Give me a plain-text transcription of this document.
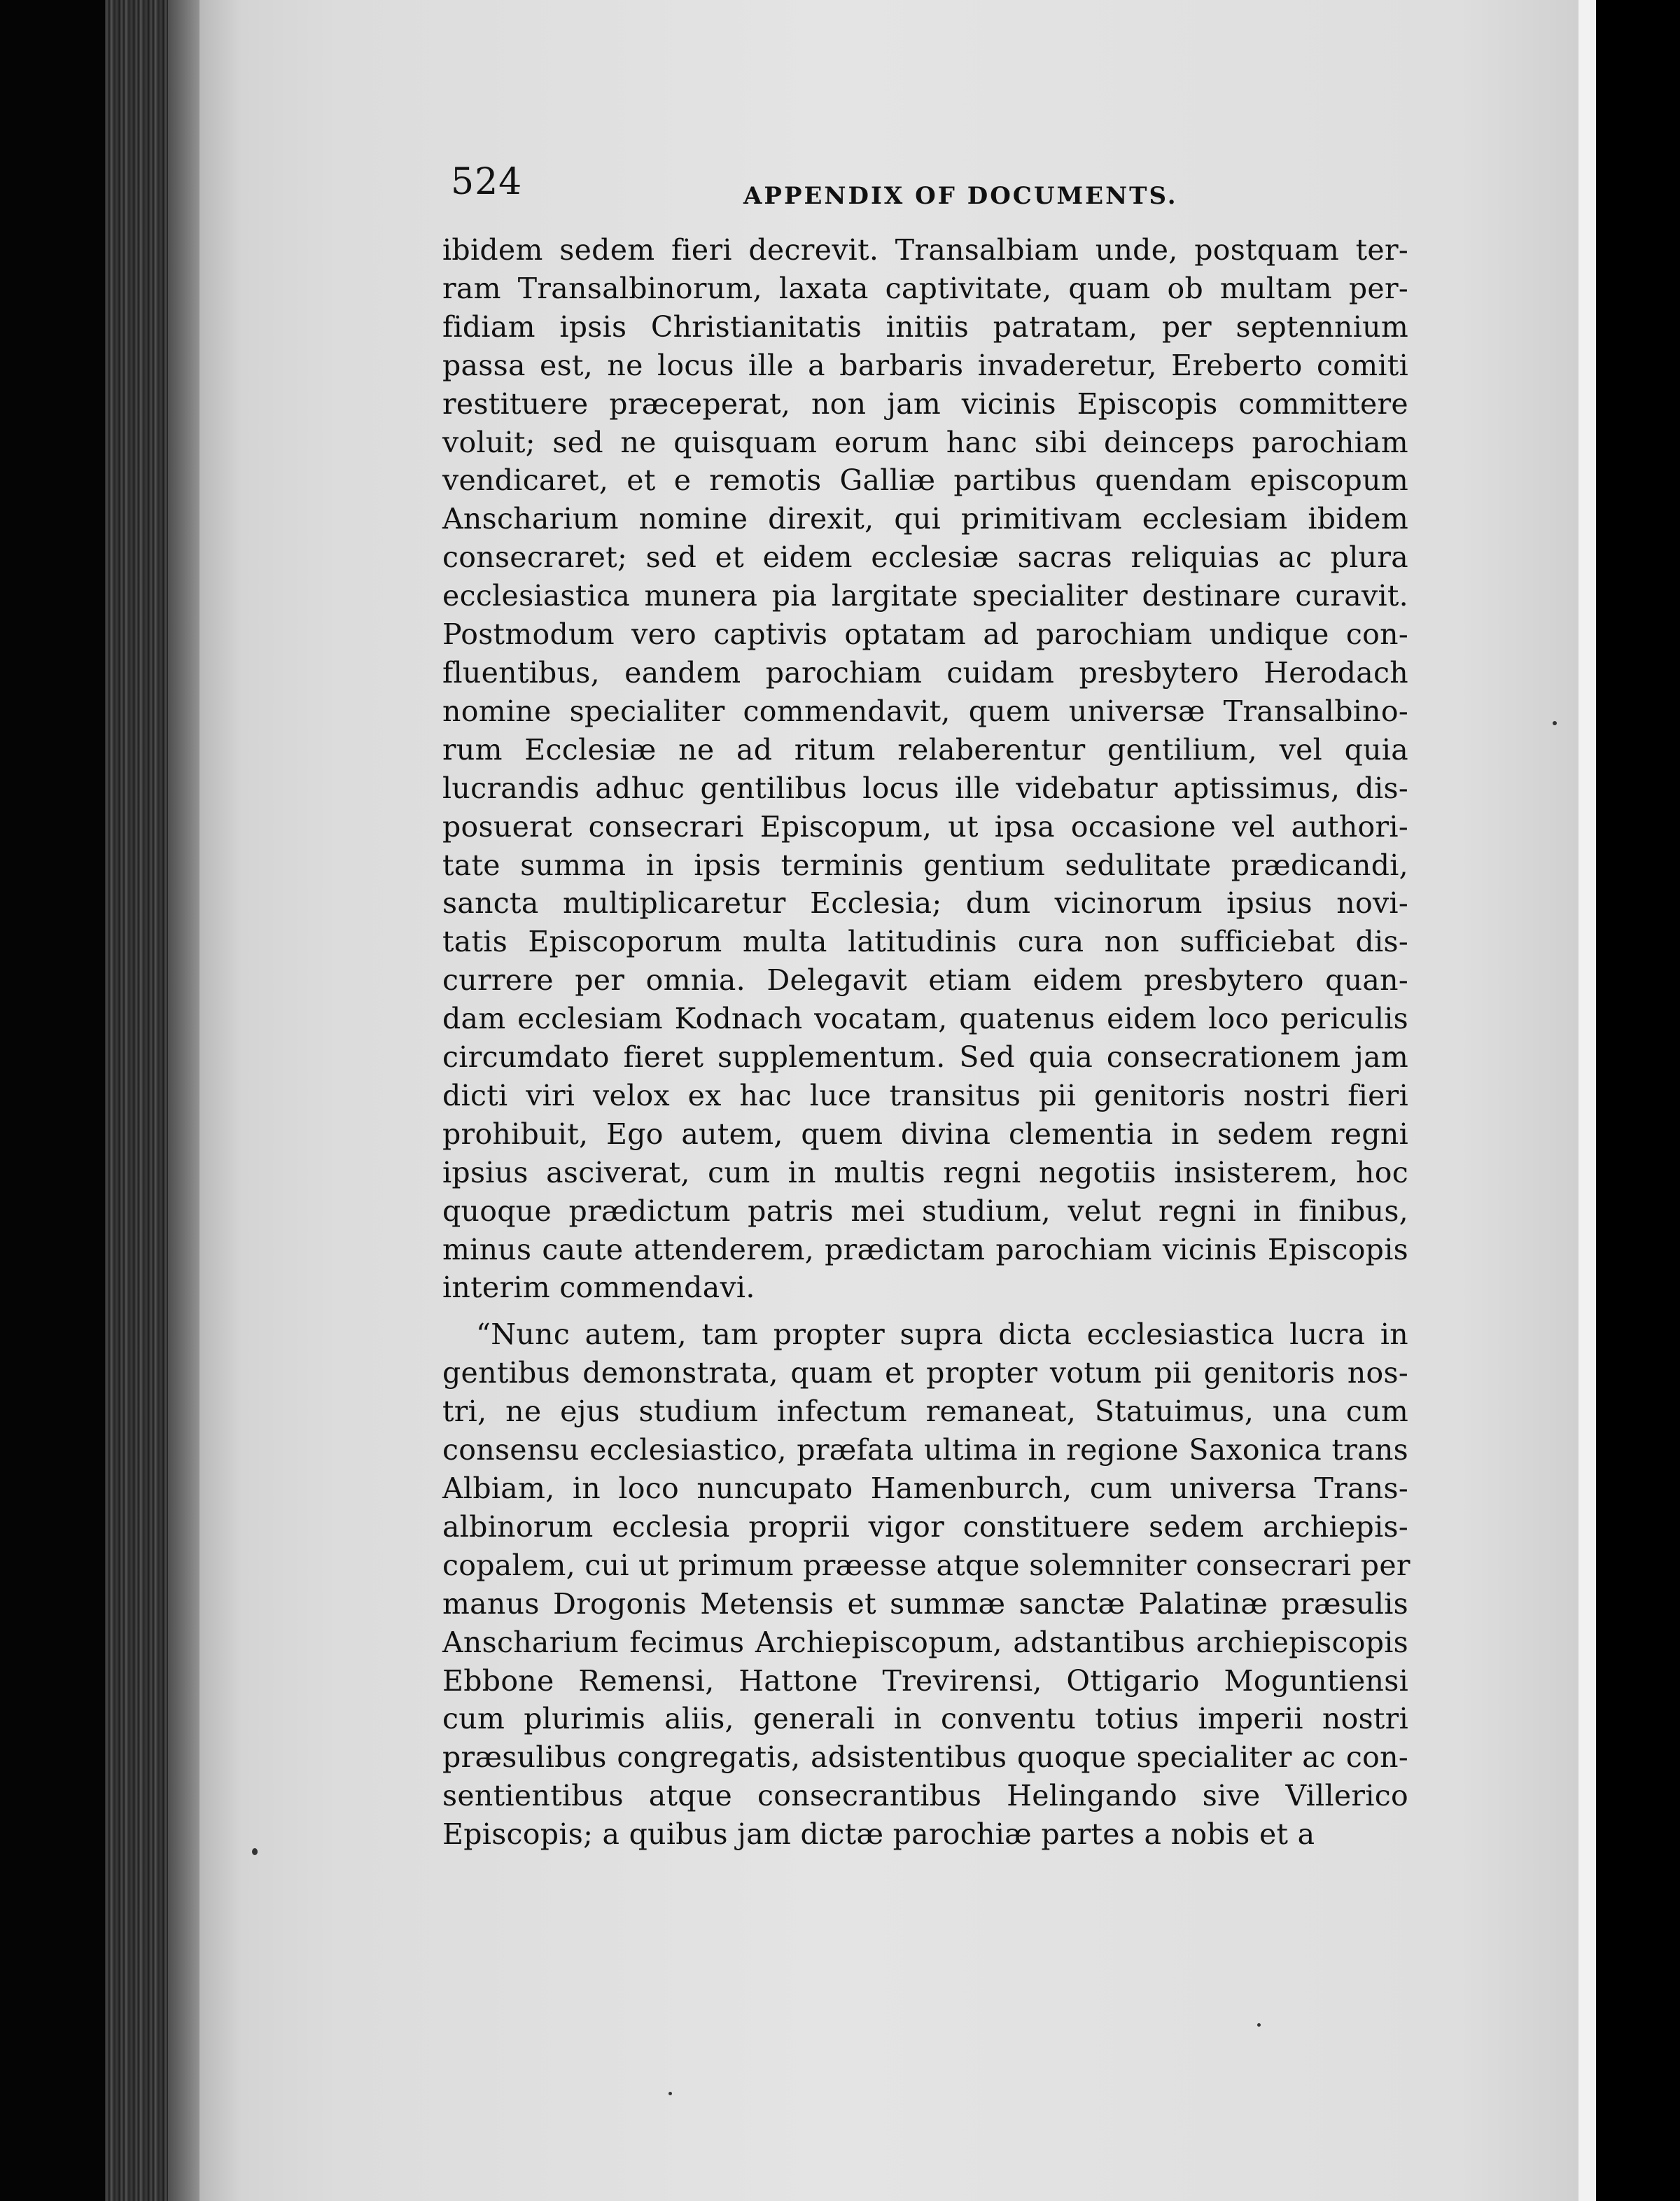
524	APPENDIX OF DOCUMENTS.
ibidem sedem fieri decrevit. Transalbiam unde, postquam ter-
ram Transalbinorum, laxata captivitate, quam ob multam per-
fidiam ipsis Christianitatis initiis patratam, per septennium
passa est, ne locus ille a barbaris invaderetur, Ereberto comiti
restituere præceperat, non jam vicinis Episcopis committere
voluit; sed ne quisquam eorum hanc sibi deinceps parochiam
vendicaret, et e remotis Galliæ partibus quendam episcopum
Anscharium nomine direxit, qui primitivam ecclesiam ibidem
consecraret; sed et eidem ecclesiæ sacras reliquias ac plura
ecclesiastica munera pia largitate specialiter destinare curavit.
Postmodum vero captivis optatam ad parochiam undique con-
fluentibus, eandem parochiam cuidam presbytero Herodach
nomine specialiter commendavit, quem universæ Transalbino-
rum Ecclesiæ ne ad ritum relaberentur gentilium, vel quia
lucrandis adhuc gentilibus locus ille videbatur aptissimus, dis-
posuerat consecrari Episcopum, ut ipsa occasione vel authori-
tate summa in ipsis terminis gentium sedulitate prædicandi,
sancta multiplicaretur Ecclesia; dum vicinorum ipsius novi-
tatis Episcoporum multa latitudinis cura non sufficiebat dis-
currere per omnia. Delegavit etiam eidem presbytero quan-
dam ecclesiam Kodnach vocatam, quatenus eidem loco periculis
circumdato fieret supplementum. Sed quia consecrationem jam
dicti viri velox ex hac luce transitus pii genitoris nostri fieri
prohibuit, Ego autem, quem divina clementia in sedem regni
ipsius asciverat, cum in multis regni negotiis insisterem, hoc
quoque prædictum patris mei studium, velut regni in finibus,
minus caute attenderem, prædictam parochiam vicinis Episcopis
interim commendavi.
“Nunc autem, tam propter supra dicta ecclesiastica lucra in
gentibus demonstrata, quam et propter votum pii genitoris nos-
tri, ne ejus studium infectum remaneat, Statuimus, una cum
consensu ecclesiastico, præfata ultima in regione Saxonica trans
Albiam, in loco nuncupato Hamenburch, cum universa Trans-
albinorum ecclesia proprii vigor constituere sedem archiepis-
copalem, cui ut primum præesse atque solemniter consecrari per
manus Drogonis Metensis et summæ sanctæ Palatinæ præsulis
Anscharium fecimus Archiepiscopum, adstantibus archiepiscopis
Ebbone Remensi, Hattone Trevirensi, Ottigario Moguntiensi
cum plurimis aliis, generali in conventu totius imperii nostri
præsulibus congregatis, adsistentibus quoque specialiter ac con-
sentientibus atque consecrantibus Helingando sive Villerico
Episcopis; a quibus jam dictæ parochiæ partes a nobis et a
